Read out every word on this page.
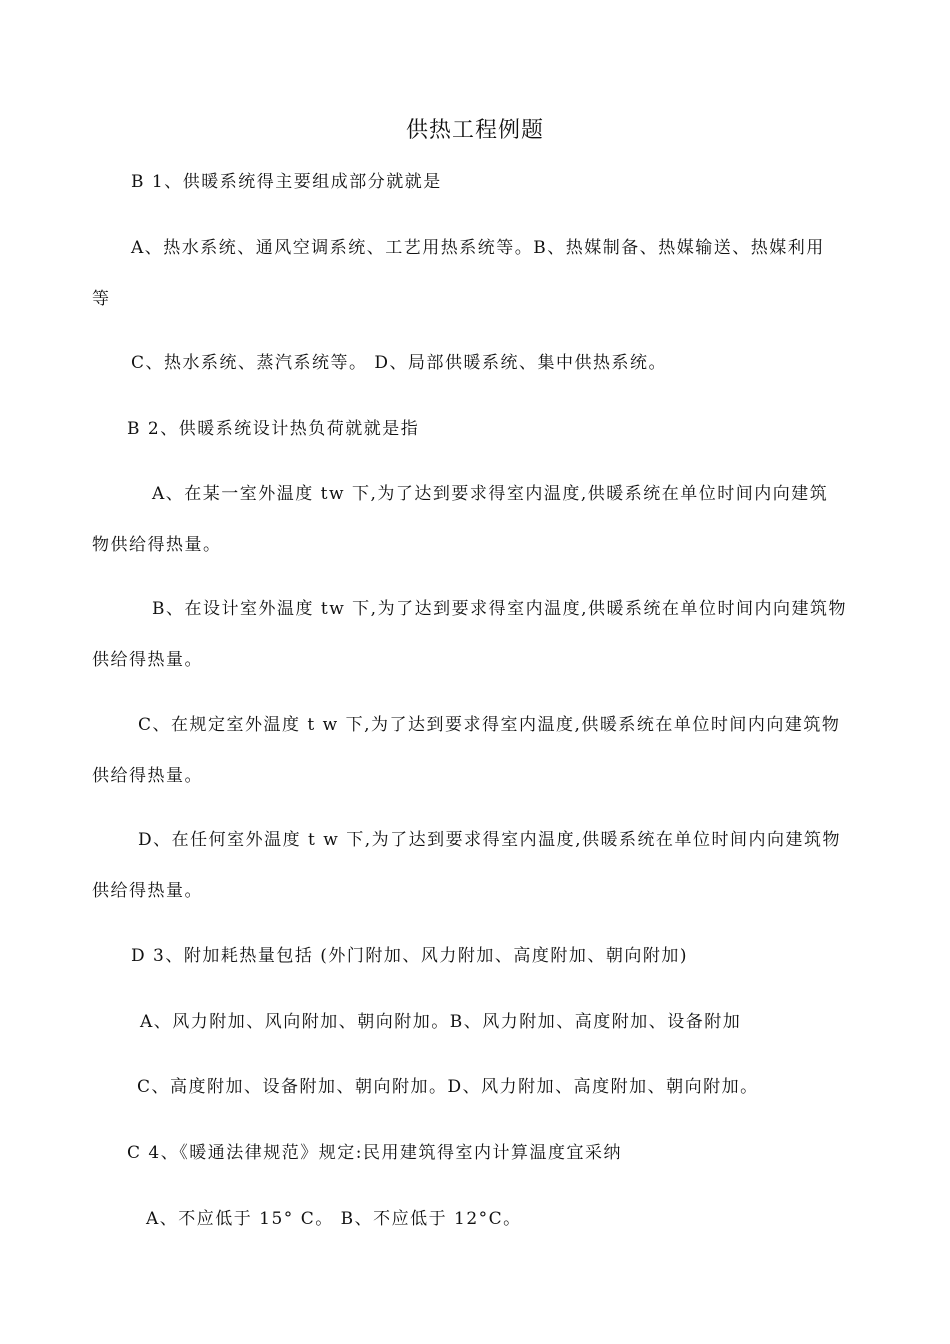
供热工程例题
B 1、供暖系统得主要组成部分就就是
A、热水系统、通风空调系统、工艺用热系统等。B、热媒制备、热媒输送、热媒利用
等
C、热水系统、蒸汽系统等。 D、局部供暖系统、集中供热系统。
B 2、供暖系统设计热负荷就就是指
A、在某一室外温度 tw 下,为了达到要求得室内温度,供暖系统在单位时间内向建筑
物供给得热量。
B、在设计室外温度 tw 下,为了达到要求得室内温度,供暖系统在单位时间内向建筑物
供给得热量。
C、在规定室外温度 t w 下,为了达到要求得室内温度,供暖系统在单位时间内向建筑物
供给得热量。
D、在任何室外温度 t w 下,为了达到要求得室内温度,供暖系统在单位时间内向建筑物
供给得热量。
D 3、附加耗热量包括 (外门附加、风力附加、高度附加、朝向附加)
A、风力附加、风向附加、朝向附加。B、风力附加、高度附加、设备附加
C、高度附加、设备附加、朝向附加。D、风力附加、高度附加、朝向附加。
C 4、《暖通法律规范》规定:民用建筑得室内计算温度宜采纳
A、不应低于 15° C。 B、不应低于 12°C。
